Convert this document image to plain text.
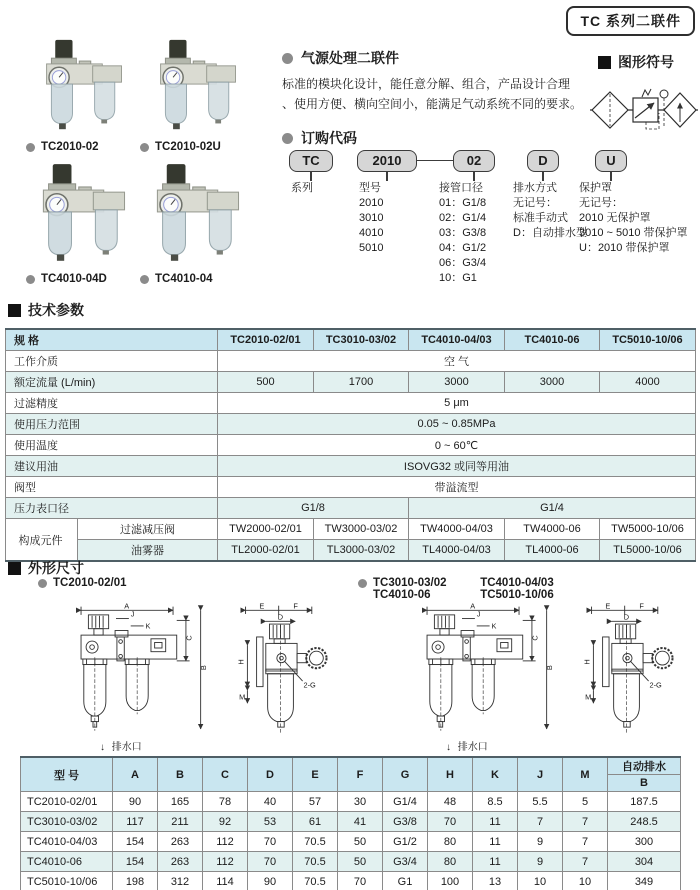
TC 系列二联件
TC2010-02	TC2010-02U
TC4010-04D	TC4010-04
气源处理二联件
标准的模块化设计，能任意分解、组合，产品设计合理
、使用方便、横向空间小，能满足气动系统不同的要求。
图形符号
订购代码
TC
系列
2010
型号
2010
3010
4010
5010
02
接管口径
01：G1/8
02：G1/4
03：G3/8
04：G1/2
06：G3/4
10：G1
D
排水方式
无记号：
标准手动式
D：自动排水型
U
保护罩
无记号：
2010 无保护罩
3010 ~ 5010 带保护罩
U：2010 带保护罩
技术参数
规 格		TC2010-02/01	TC3010-03/02	TC4010-04/03	TC4010-06	TC5010-10/06
工作介质		空 气				
额定流量 (L/min)		500	1700	3000	3000	4000
过滤精度		5 μm				
使用压力范围		0.05 ~ 0.85MPa				
使用温度		0 ~ 60℃				
建议用油		ISOVG32 或同等用油				
阀型		带溢流型				
压力表口径		G1/8		G1/4		
构成元件	过滤减压阀	TW2000-02/01	TW3000-03/02	TW4000-04/03	TW4000-06	TW5000-10/06
	油雾器	TL2000-02/01	TL3000-03/02	TL4000-04/03	TL4000-06	TL5000-10/06
外形尺寸
TC2010-02/01	TC3010-03/02	TC4010-04/03
TC4010-06	TC5010-10/06
↓ 排水口	↓ 排水口
型 号	A	B	C	D	E	F	G	H	K	J	M	自动排水
												B
TC2010-02/01	90	165	78	40	57	30	G1/4	48	8.5	5.5	5	187.5
TC3010-03/02	117	211	92	53	61	41	G3/8	70	11	7	7	248.5
TC4010-04/03	154	263	112	70	70.5	50	G1/2	80	11	9	7	300
TC4010-06	154	263	112	70	70.5	50	G3/4	80	11	9	7	304
TC5010-10/06	198	312	114	90	70.5	70	G1	100	13	10	10	349
